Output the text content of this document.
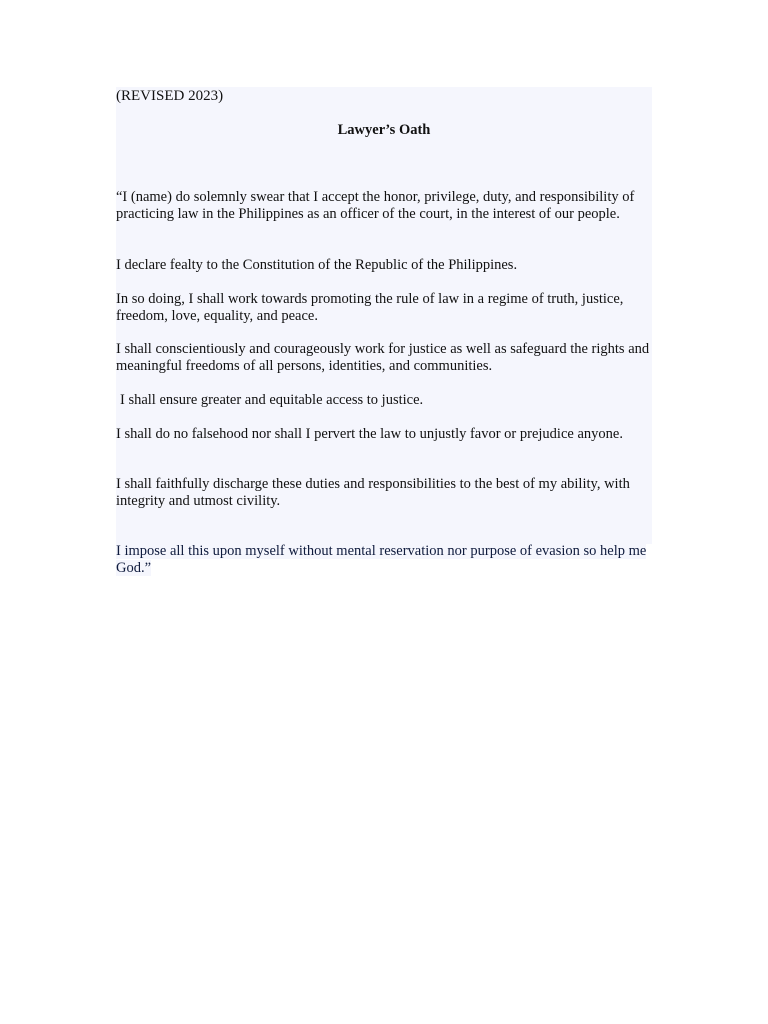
(REVISED 2023)
Lawyer’s Oath

“I (name) do solemnly swear that I accept the honor, privilege, duty, and responsibility of practicing law in the Philippines as an officer of the court, in the interest of our people.

I declare fealty to the Constitution of the Republic of the Philippines.

In so doing, I shall work towards promoting the rule of law in a regime of truth, justice, freedom, love, equality, and peace.

I shall conscientiously and courageously work for justice as well as safeguard the rights and meaningful freedoms of all persons, identities, and communities.

I shall ensure greater and equitable access to justice.

I shall do no falsehood nor shall I pervert the law to unjustly favor or prejudice anyone.

I shall faithfully discharge these duties and responsibilities to the best of my ability, with integrity and utmost civility.

I impose all this upon myself without mental reservation nor purpose of evasion so help me God.”
